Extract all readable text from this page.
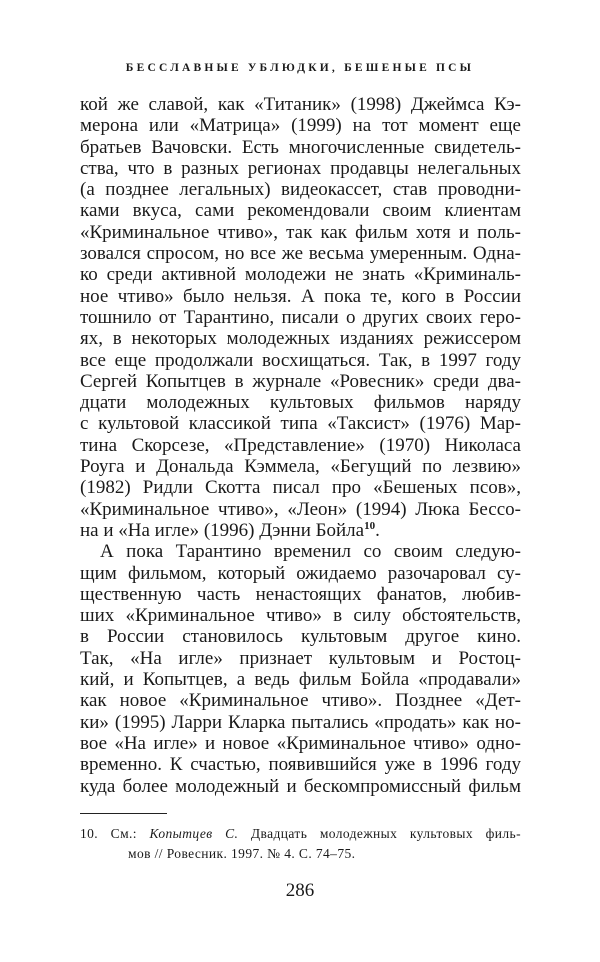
БЕССЛАВНЫЕ УБЛЮДКИ, БЕШЕНЫЕ ПСЫ
кой же славой, как «Титаник» (1998) Джеймса Кэ-
мерона или «Матрица» (1999) на тот момент еще
братьев Вачовски. Есть многочисленные свидетель-
ства, что в разных регионах продавцы нелегальных
(а позднее легальных) видеокассет, став проводни-
ками вкуса, сами рекомендовали своим клиентам
«Криминальное чтиво», так как фильм хотя и поль-
зовался спросом, но все же весьма умеренным. Одна-
ко среди активной молодежи не знать «Криминаль-
ное чтиво» было нельзя. А пока те, кого в России
тошнило от Тарантино, писали о других своих геро-
ях, в некоторых молодежных изданиях режиссером
все еще продолжали восхищаться. Так, в 1997 году
Сергей Копытцев в журнале «Ровесник» среди два-
дцати молодежных культовых фильмов наряду
с культовой классикой типа «Таксист» (1976) Мар-
тина Скорсезе, «Представление» (1970) Николаса
Роуга и Дональда Кэммела, «Бегущий по лезвию»
(1982) Ридли Скотта писал про «Бешеных псов»,
«Криминальное чтиво», «Леон» (1994) Люка Бессо-
на и «На игле» (1996) Дэнни Бойла$^{10}$.
А пока Тарантино временил со своим следую-
щим фильмом, который ожидаемо разочаровал су-
щественную часть ненастоящих фанатов, любив-
ших «Криминальное чтиво» в силу обстоятельств,
в России становилось культовым другое кино.
Так, «На игле» признает культовым и Ростоц-
кий, и Копытцев, а ведь фильм Бойла «продавали»
как новое «Криминальное чтиво». Позднее «Дет-
ки» (1995) Ларри Кларка пытались «продать» как но-
вое «На игле» и новое «Криминальное чтиво» одно-
временно. К счастью, появившийся уже в 1996 году
куда более молодежный и бескомпромиссный фильм
10. См.: Копытцев С. Двадцать молодежных культовых филь-
мов // Ровесник. 1997. № 4. С. 74–75.
286
